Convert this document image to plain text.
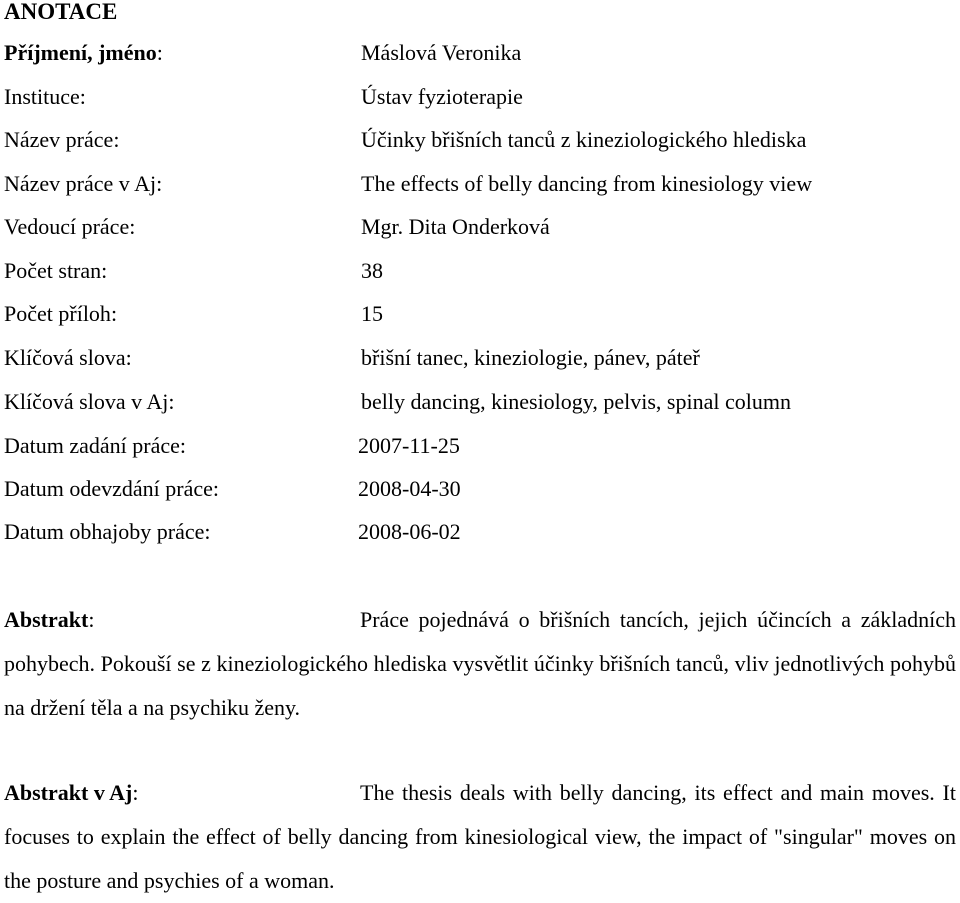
ANOTACE
Příjmení, jméno:	Máslová Veronika
Instituce:	Ústav fyzioterapie
Název práce:	Účinky břišních tanců z kineziologického hlediska
Název práce v Aj:	The effects of belly dancing from kinesiology view
Vedoucí práce:	Mgr. Dita Onderková
Počet stran:	38
Počet příloh:	15
Klíčová slova:	břišní tanec, kineziologie, pánev, páteř
Klíčová slova v Aj:	belly dancing, kinesiology, pelvis, spinal column
Datum zadání práce:	2007-11-25
Datum odevzdání práce:	2008-04-30
Datum obhajoby práce:	2008-06-02
Abstrakt:	Práce pojednává o břišních tancích, jejich účincích a základních pohybech. Pokouší se z kineziologického hlediska vysvětlit účinky břišních tanců, vliv jednotlivých pohybů na držení těla a na psychiku ženy.
Abstrakt v Aj:	The thesis deals with belly dancing, its effect and main moves. It focuses to explain the effect of belly dancing from kinesiological view, the impact of "singular" moves on the posture and psychies of a woman.
